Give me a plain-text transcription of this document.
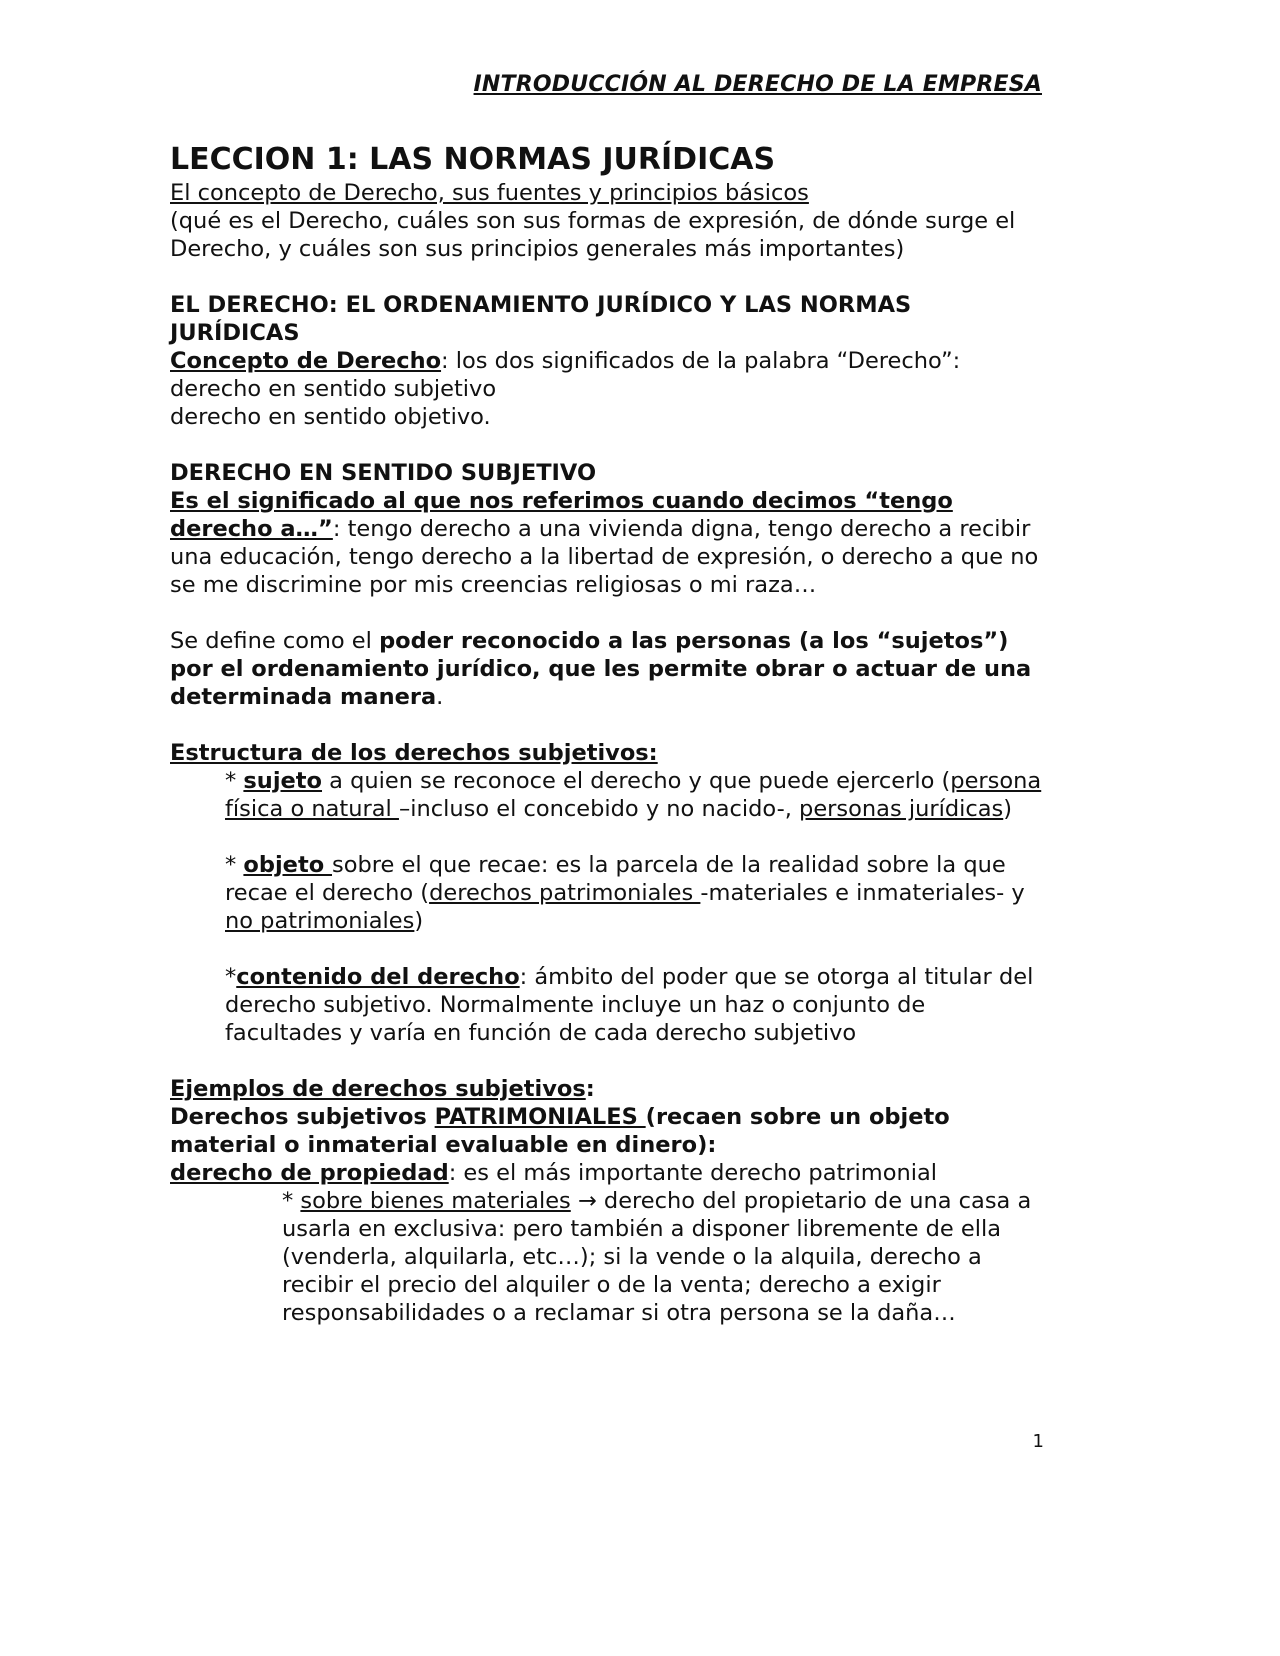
INTRODUCCIÓN AL DERECHO DE LA EMPRESA

LECCION 1: LAS NORMAS JURÍDICAS

El concepto de Derecho, sus fuentes y principios básicos

(qué es el Derecho, cuáles son sus formas de expresión, de dónde surge el Derecho, y cuáles son sus principios generales más importantes)

EL DERECHO: EL ORDENAMIENTO JURÍDICO Y LAS NORMAS JURÍDICAS

Concepto de Derecho: los dos significados de la palabra “Derecho”:

derecho en sentido subjetivo

derecho en sentido objetivo.

DERECHO EN SENTIDO SUBJETIVO

Es el significado al que nos referimos cuando decimos “tengo derecho a…”: tengo derecho a una vivienda digna, tengo derecho a recibir una educación, tengo derecho a la libertad de expresión, o derecho a que no se me discrimine por mis creencias religiosas o mi raza…

Se define como el poder reconocido a las personas (a los “sujetos”) por el ordenamiento jurídico, que les permite obrar o actuar de una determinada manera.

Estructura de los derechos subjetivos:

* sujeto a quien se reconoce el derecho y que puede ejercerlo (persona física o natural –incluso el concebido y no nacido-, personas jurídicas)

* objeto sobre el que recae: es la parcela de la realidad sobre la que recae el derecho (derechos patrimoniales -materiales e inmateriales- y no patrimoniales)

*contenido del derecho: ámbito del poder que se otorga al titular del derecho subjetivo. Normalmente incluye un haz o conjunto de facultades y varía en función de cada derecho subjetivo

Ejemplos de derechos subjetivos:

Derechos subjetivos PATRIMONIALES (recaen sobre un objeto material o inmaterial evaluable en dinero):

derecho de propiedad: es el más importante derecho patrimonial

* sobre bienes materiales → derecho del propietario de una casa a usarla en exclusiva: pero también a disponer libremente de ella (venderla, alquilarla, etc…); si la vende o la alquila, derecho a recibir el precio del alquiler o de la venta; derecho a exigir responsabilidades o a reclamar si otra persona se la daña…

1
